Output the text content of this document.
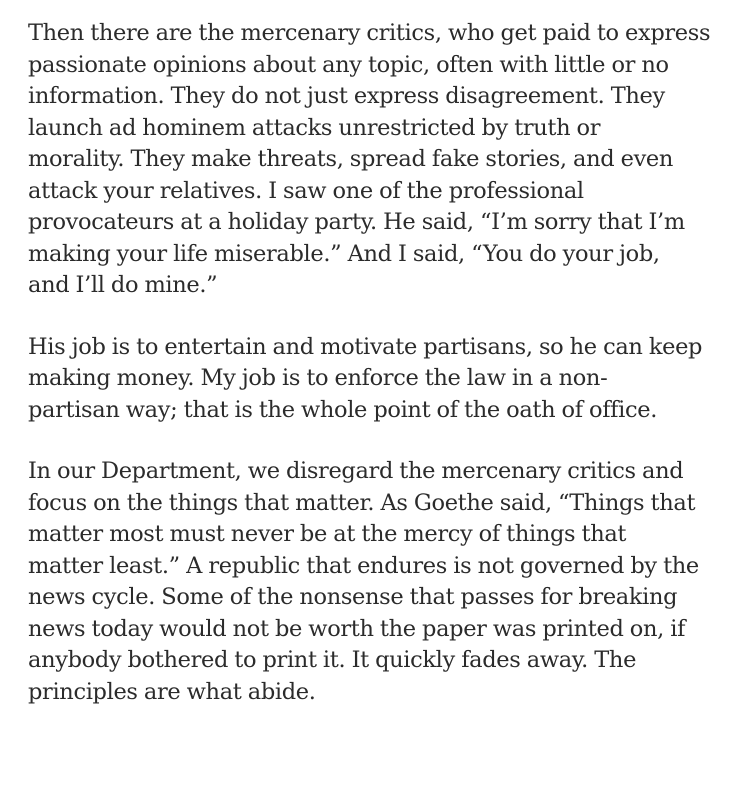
Then there are the mercenary critics, who get paid to express
passionate opinions about any topic, often with little or no
information. They do not just express disagreement. They
launch ad hominem attacks unrestricted by truth or
morality. They make threats, spread fake stories, and even
attack your relatives. I saw one of the professional
provocateurs at a holiday party. He said, “I’m sorry that I’m
making your life miserable.” And I said, “You do your job,
and I’ll do mine.”

His job is to entertain and motivate partisans, so he can keep
making money. My job is to enforce the law in a non-
partisan way; that is the whole point of the oath of office.

In our Department, we disregard the mercenary critics and
focus on the things that matter. As Goethe said, “Things that
matter most must never be at the mercy of things that
matter least.” A republic that endures is not governed by the
news cycle. Some of the nonsense that passes for breaking
news today would not be worth the paper was printed on, if
anybody bothered to print it. It quickly fades away. The
principles are what abide.
